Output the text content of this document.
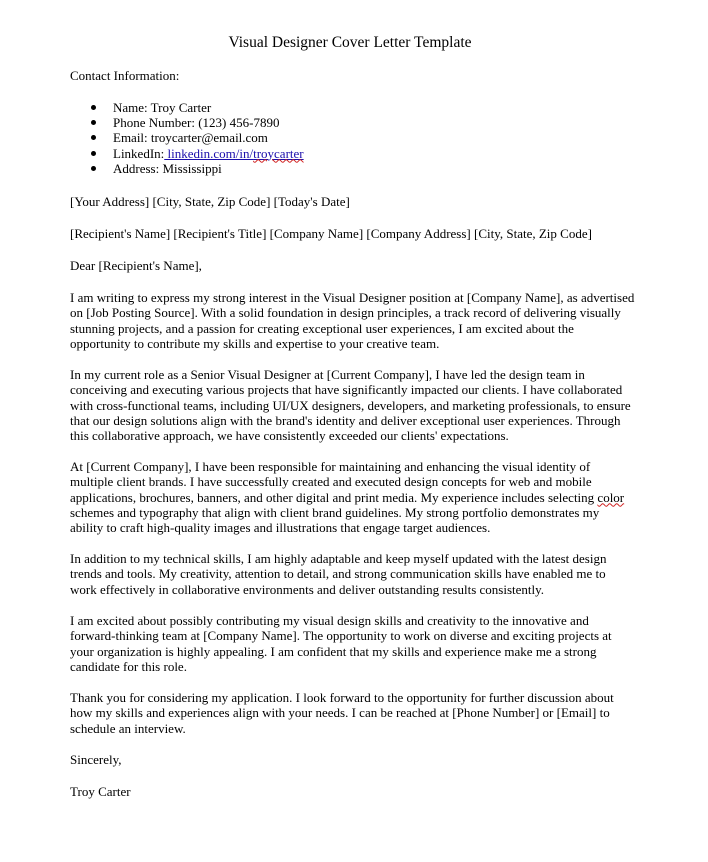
Visual Designer Cover Letter Template
Contact Information:
Name: Troy Carter
Phone Number: (123) 456-7890
Email: troycarter@email.com
LinkedIn: linkedin.com/in/troycarter
Address: Mississippi
[Your Address] [City, State, Zip Code] [Today's Date]
[Recipient's Name] [Recipient's Title] [Company Name] [Company Address] [City, State, Zip Code]
Dear [Recipient's Name],
I am writing to express my strong interest in the Visual Designer position at [Company Name], as advertised on [Job Posting Source]. With a solid foundation in design principles, a track record of delivering visually stunning projects, and a passion for creating exceptional user experiences, I am excited about the opportunity to contribute my skills and expertise to your creative team.
In my current role as a Senior Visual Designer at [Current Company], I have led the design team in conceiving and executing various projects that have significantly impacted our clients. I have collaborated with cross-functional teams, including UI/UX designers, developers, and marketing professionals, to ensure that our design solutions align with the brand's identity and deliver exceptional user experiences. Through this collaborative approach, we have consistently exceeded our clients' expectations.
At [Current Company], I have been responsible for maintaining and enhancing the visual identity of multiple client brands. I have successfully created and executed design concepts for web and mobile applications, brochures, banners, and other digital and print media. My experience includes selecting color schemes and typography that align with client brand guidelines. My strong portfolio demonstrates my ability to craft high-quality images and illustrations that engage target audiences.
In addition to my technical skills, I am highly adaptable and keep myself updated with the latest design trends and tools. My creativity, attention to detail, and strong communication skills have enabled me to work effectively in collaborative environments and deliver outstanding results consistently.
I am excited about possibly contributing my visual design skills and creativity to the innovative and forward-thinking team at [Company Name]. The opportunity to work on diverse and exciting projects at your organization is highly appealing. I am confident that my skills and experience make me a strong candidate for this role.
Thank you for considering my application. I look forward to the opportunity for further discussion about how my skills and experiences align with your needs. I can be reached at [Phone Number] or [Email] to schedule an interview.
Sincerely,
Troy Carter
